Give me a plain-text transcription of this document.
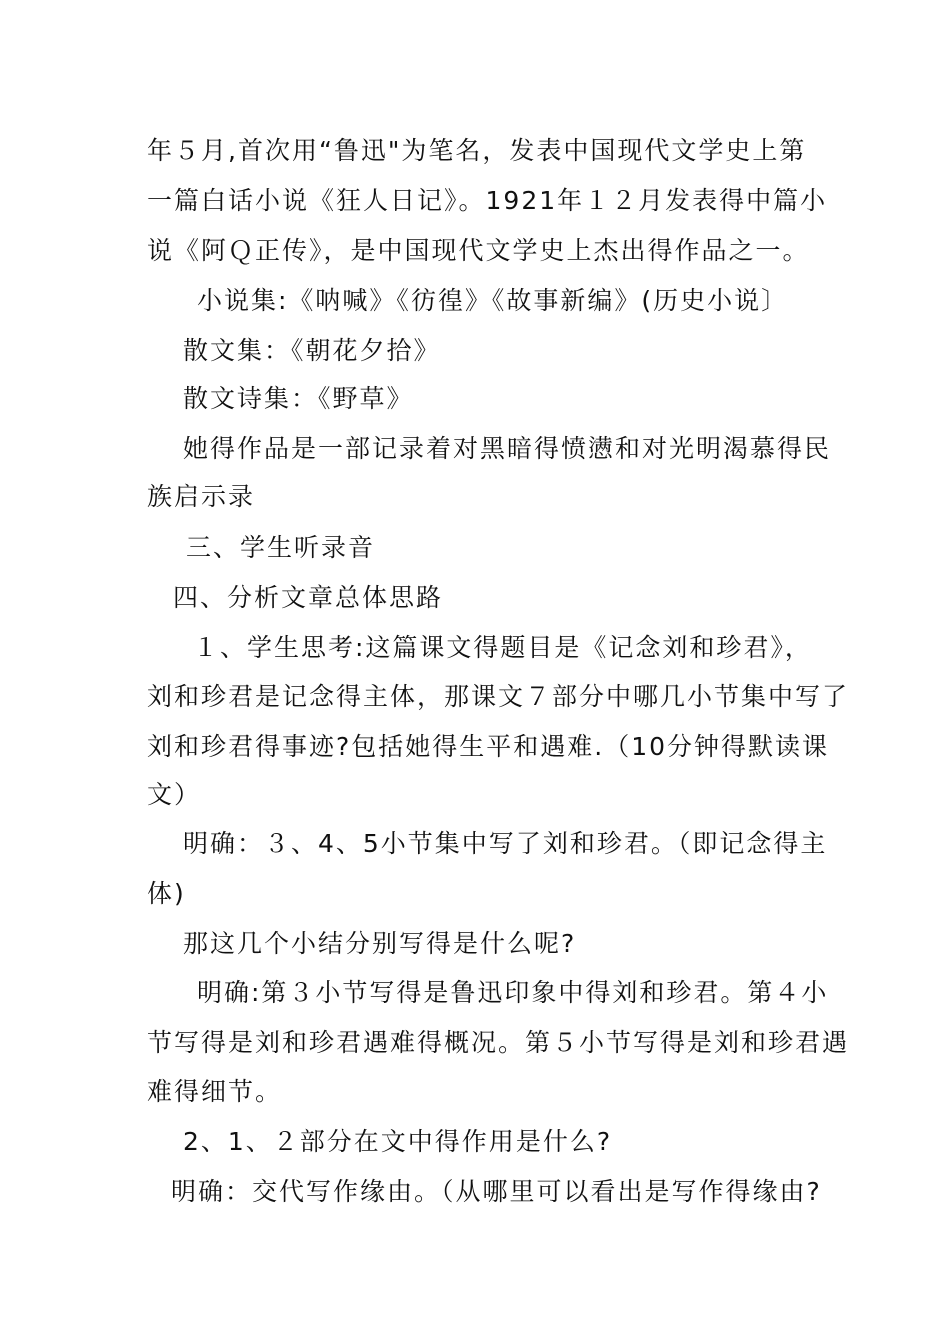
年５月,首次用“鲁迅"为笔名，发表中国现代文学史上第
一篇白话小说《狂人日记》。1921年１２月发表得中篇小
说《阿Ｑ正传》，是中国现代文学史上杰出得作品之一。
小说集:《呐喊》《彷徨》《故事新编》(历史小说〕
散文集：《朝花夕拾》
散文诗集：《野草》
她得作品是一部记录着对黑暗得愤懑和对光明渴慕得民
族启示录
三、学生听录音
四、分析文章总体思路
１、学生思考:这篇课文得题目是《记念刘和珍君》，
刘和珍君是记念得主体，那课文７部分中哪几小节集中写了
刘和珍君得事迹?包括她得生平和遇难.（10分钟得默读课
文）
明确：３、4、5小节集中写了刘和珍君。（即记念得主
体)
那这几个小结分别写得是什么呢?
明确:第３小节写得是鲁迅印象中得刘和珍君。第４小
节写得是刘和珍君遇难得概况。第５小节写得是刘和珍君遇
难得细节。
2、1、２部分在文中得作用是什么?
明确：交代写作缘由。（从哪里可以看出是写作得缘由?
